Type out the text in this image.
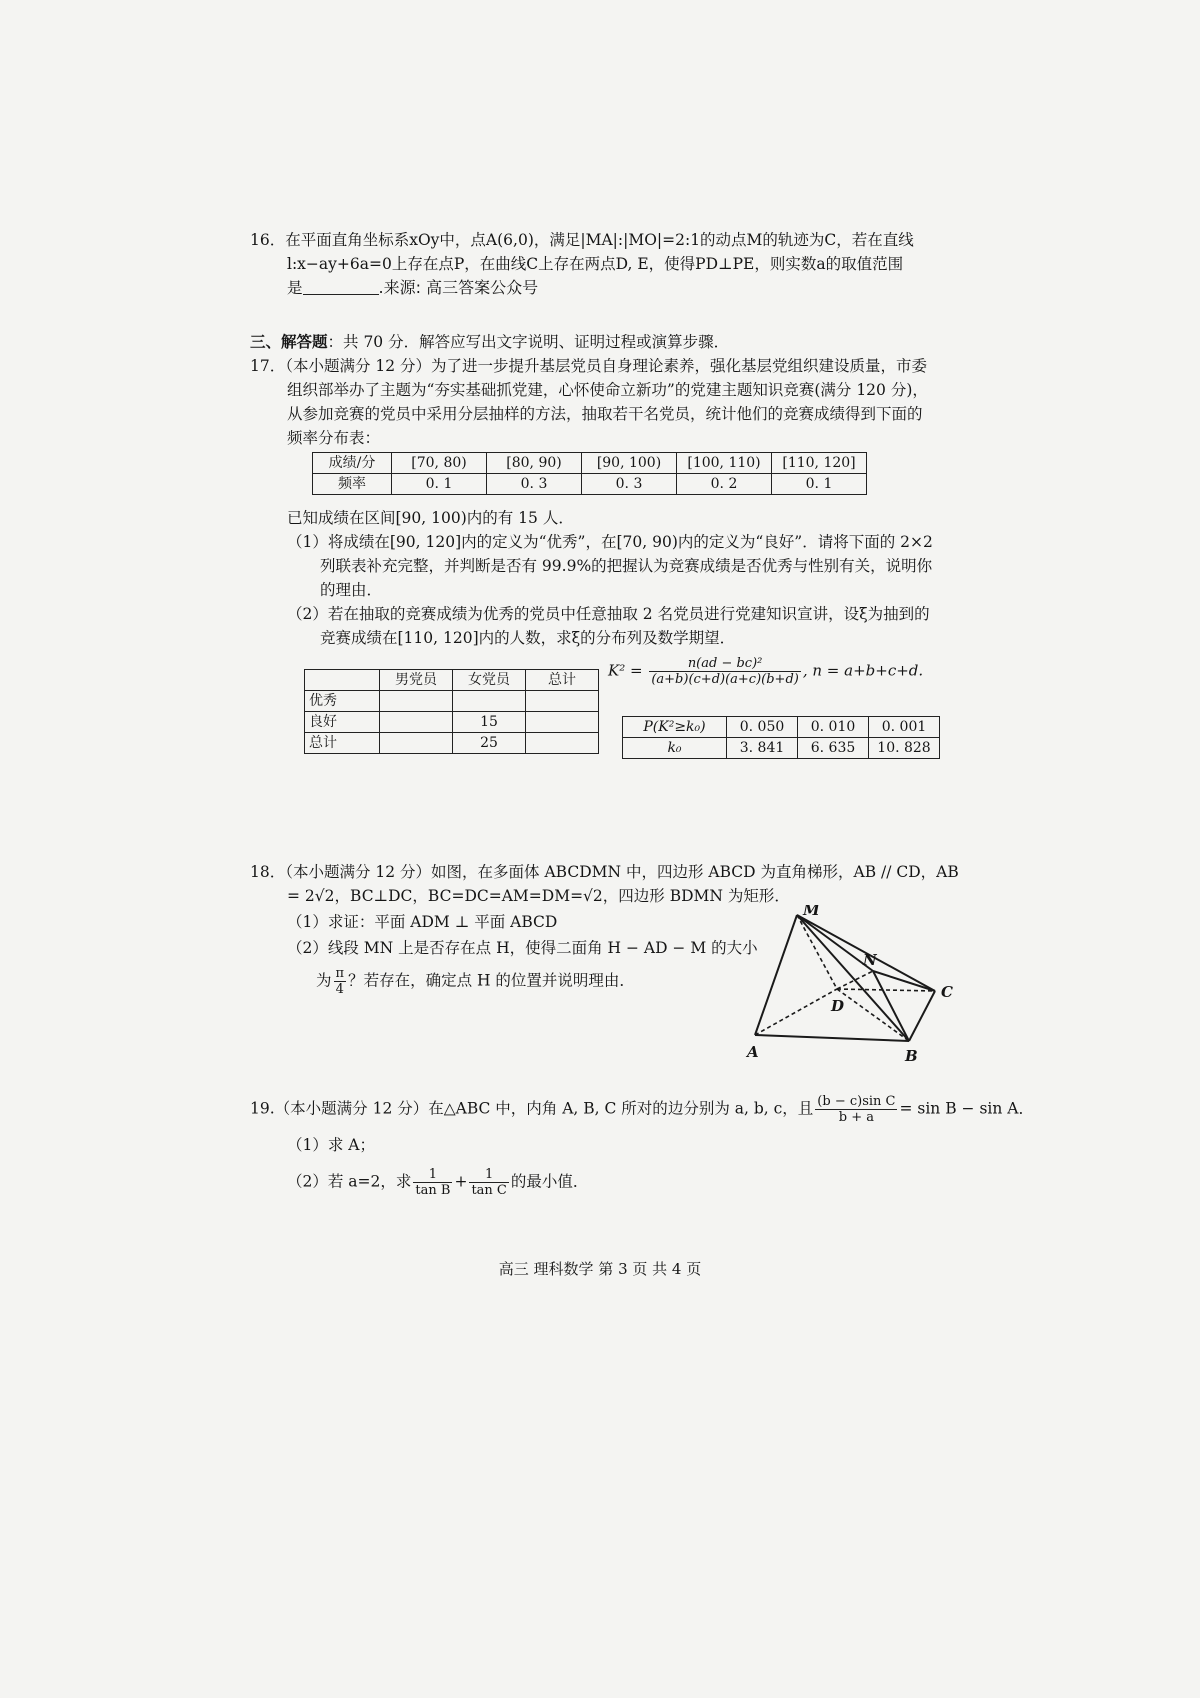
16．在平面直角坐标系xOy中，点A(6,0)，满足|MA|:|MO|=2:1的动点M的轨迹为C，若在直线
l:x−ay+6a=0上存在点P，在曲线C上存在两点D, E，使得PD⊥PE，则实数a的取值范围
是	.来源: 高三答案公众号
三、解答题：共 70 分．解答应写出文字说明、证明过程或演算步骤．
17．（本小题满分 12 分）为了进一步提升基层党员自身理论素养，强化基层党组织建设质量，市委
组织部举办了主题为“夯实基础抓党建，心怀使命立新功”的党建主题知识竞赛(满分 120 分)，
从参加竞赛的党员中采用分层抽样的方法，抽取若干名党员，统计他们的竞赛成绩得到下面的
频率分布表：
成绩/分	[70, 80)	[80, 90)	[90, 100)	[100, 110)	[110, 120]
频率	0. 1	0. 3	0. 3	0. 2	0. 1
已知成绩在区间[90, 100)内的有 15 人．
（1）将成绩在[90, 120]内的定义为“优秀”，在[70, 90)内的定义为“良好”．请将下面的 2×2
列联表补充完整，并判断是否有 99.9%的把握认为竞赛成绩是否优秀与性别有关，说明你
的理由．
（2）若在抽取的竞赛成绩为优秀的党员中任意抽取 2 名党员进行党建知识宣讲，设ξ为抽到的
竞赛成绩在[110, 120]内的人数，求ξ的分布列及数学期望．
	男党员	女党员	总计
优秀			
良好		15	
总计		25	
$K^2 = \frac{\text{n(ad − bc)²}}{(a+b)(c+d)(a+c)(b+d)}$ , n = a+b+c+d.
P(K²≥k₀)	0. 050	0. 010	0. 001
k₀	3. 841	6. 635	10. 828
18．（本小题满分 12 分）如图，在多面体 ABCDMN 中，四边形 ABCD 为直角梯形，AB // CD，AB
= 2√2，BC⊥DC，BC=DC=AM=DM=√2，四边形 BDMN 为矩形．
（1）求证：平面 ADM ⊥ 平面 ABCD
（2）线段 MN 上是否存在点 H，使得二面角 H − AD − M 的大小
为 $\frac{\pi}{4}$ ？若存在，确定点 H 的位置并说明理由．
M
N
C
D
A	B
19.（本小题满分 12 分）在△ABC 中，内角 A, B, C 所对的边分别为 a, b, c，且 $\frac{\text{(b − c)sin C}}{b + a} = \sin B - \sin A$．
（1）求 A；
（2）若 a=2，求 $\frac{1}{\text{tan B}} + \frac{1}{\text{tan C}}$ 的最小值．
高三 理科数学 第 3 页 共 4 页
